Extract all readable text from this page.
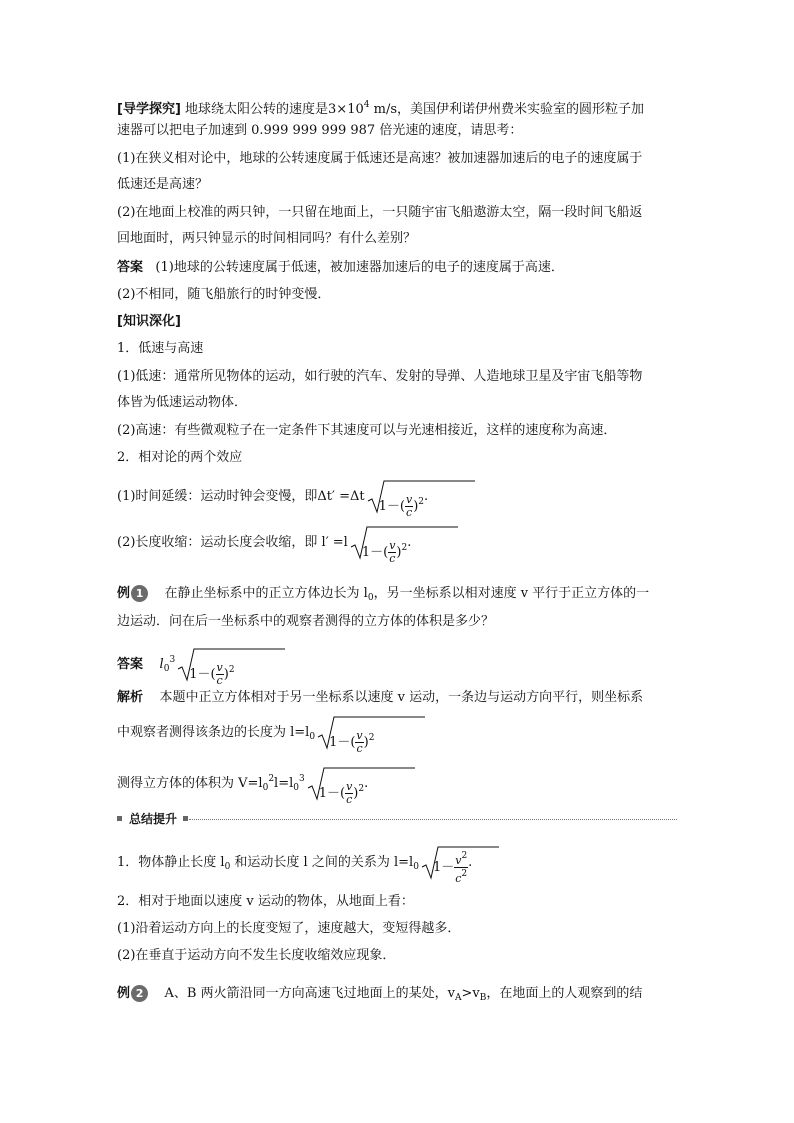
[导学探究] 地球绕太阳公转的速度是$3\times 10^4$ m/s，美国伊利诺伊州费米实验室的圆形粒子加
速器可以把电子加速到 0.999 999 999 987 倍光速的速度，请思考：
(1)在狭义相对论中，地球的公转速度属于低速还是高速？被加速器加速后的电子的速度属于
低速还是高速？
(2)在地面上校准的两只钟，一只留在地面上，一只随宇宙飞船遨游太空，隔一段时间飞船返
回地面时，两只钟显示的时间相同吗？有什么差别？
答案 (1)地球的公转速度属于低速，被加速器加速后的电子的速度属于高速．
(2)不相同，随飞船旅行的时钟变慢．
[知识深化]
1．低速与高速
(1)低速：通常所见物体的运动，如行驶的汽车、发射的导弹、人造地球卫星及宇宙飞船等物
体皆为低速运动物体．
(2)高速：有些微观粒子在一定条件下其速度可以与光速相接近，这样的速度称为高速．
2．相对论的两个效应
(1)时间延缓：运动时钟会变慢，即Δt′ =Δt
$1-( \frac{v}{c} )^2$.
(2)长度收缩：运动长度会收缩，即 l′ =l
$1-( \frac{v}{c} )^2$.
例 1 在静止坐标系中的正立方体边长为 $l_0$，另一坐标系以相对速度 v 平行于正立方体的一
边运动．问在后一坐标系中的观察者测得的立方体的体积是多少？
答案 $l_0^3$
$1-( \frac{v}{c} )^2$
解析 本题中正立方体相对于另一坐标系以速度 v 运动，一条边与运动方向平行，则坐标系
中观察者测得该条边的长度为 $l=l_0$ $1-( \frac{v}{c} )^2$
测得立方体的体积为 $V=l_0^2l=l_0^3$
$1-( \frac{v}{c} )^2$.
总结提升
1．物体静止长度 $l_0$ 和运动长度 l 之间的关系为 $l=l_0$ $1- \frac{v^2}{c^2}$ .
2．相对于地面以速度 v 运动的物体，从地面上看：
(1)沿着运动方向上的长度变短了，速度越大，变短得越多．
(2)在垂直于运动方向不发生长度收缩效应现象．
例 2 A、B 两火箭沿同一方向高速飞过地面上的某处，$v_A>v_B$，在地面上的人观察到的结
